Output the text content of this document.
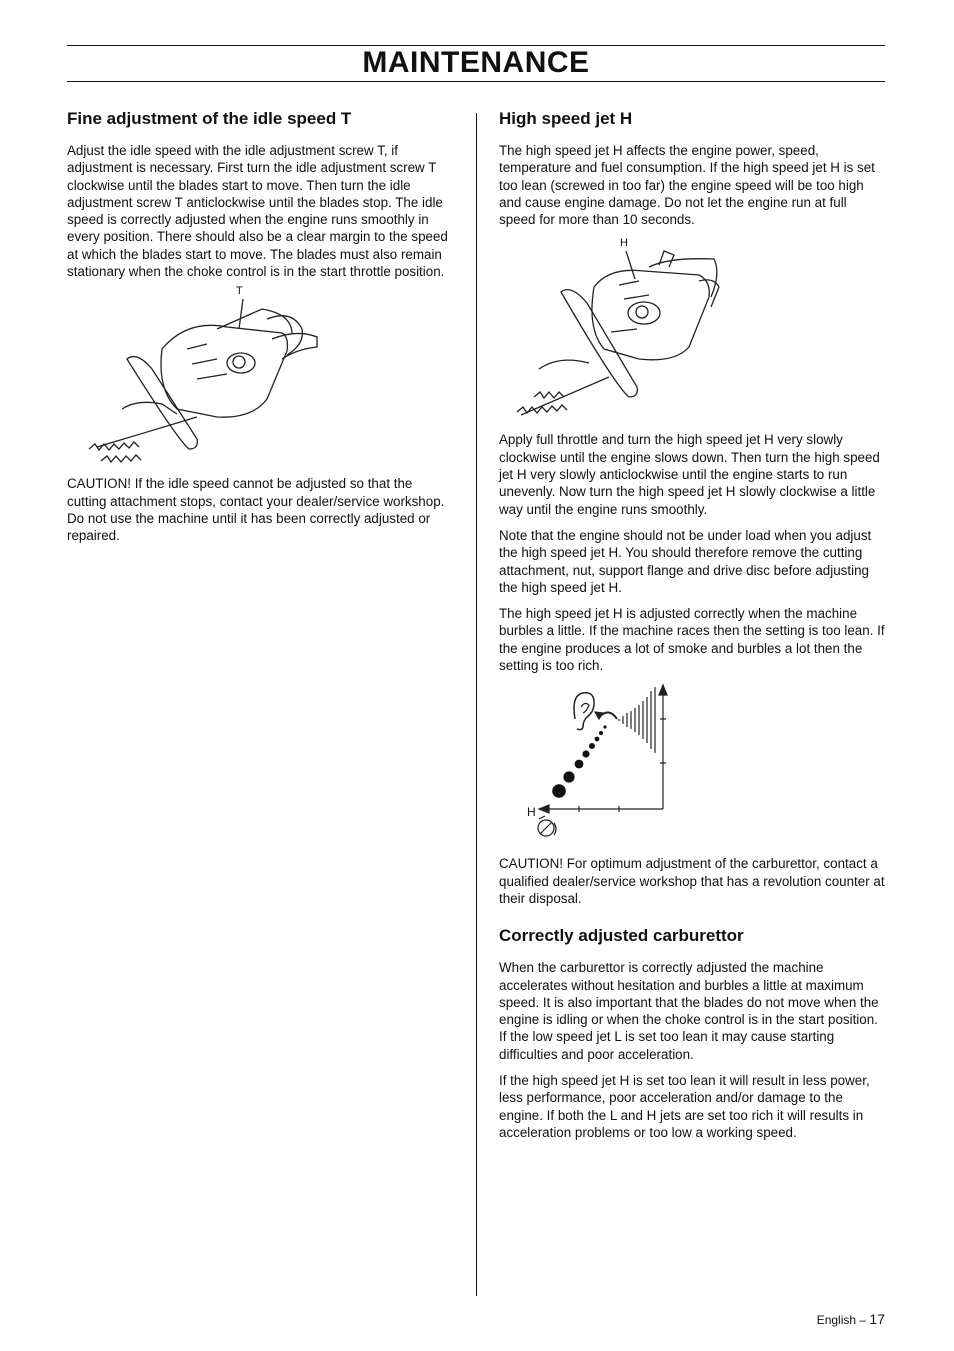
MAINTENANCE
Fine adjustment of the idle speed T

Adjust the idle speed with the idle adjustment screw T, if adjustment is necessary. First turn the idle adjustment screw T clockwise until the blades start to move. Then turn the idle adjustment screw T anticlockwise until the blades stop. The idle speed is correctly adjusted when the engine runs smoothly in every position. There should also be a clear margin to the speed at which the blades start to move. The blades must also remain stationary when the choke control is in the start throttle position.

T

CAUTION! If the idle speed cannot be adjusted so that the cutting attachment stops, contact your dealer/service workshop. Do not use the machine until it has been correctly adjusted or repaired.

High speed jet H

The high speed jet H affects the engine power, speed, temperature and fuel consumption. If the high speed jet H is set too lean (screwed in too far) the engine speed will be too high and cause engine damage. Do not let the engine run at full speed for more than 10 seconds.

H

Apply full throttle and turn the high speed jet H very slowly clockwise until the engine slows down. Then turn the high speed jet H very slowly anticlockwise until the engine starts to run unevenly. Now turn the high speed jet H slowly clockwise a little way until the engine runs smoothly.

Note that the engine should not be under load when you adjust the high speed jet H. You should therefore remove the cutting attachment, nut, support flange and drive disc before adjusting the high speed jet H.

The high speed jet H is adjusted correctly when the machine burbles a little. If the machine races then the setting is too lean. If the engine produces a lot of smoke and burbles a lot then the setting is too rich.

H

CAUTION! For optimum adjustment of the carburettor, contact a qualified dealer/service workshop that has a revolution counter at their disposal.

Correctly adjusted carburettor

When the carburettor is correctly adjusted the machine accelerates without hesitation and burbles a little at maximum speed. It is also important that the blades do not move when the engine is idling or when the choke control is in the start position. If the low speed jet L is set too lean it may cause starting difficulties and poor acceleration.

If the high speed jet H is set too lean it will result in less power, less performance, poor acceleration and/or damage to the engine. If both the L and H jets are set too rich it will results in acceleration problems or too low a working speed.

English – 17
